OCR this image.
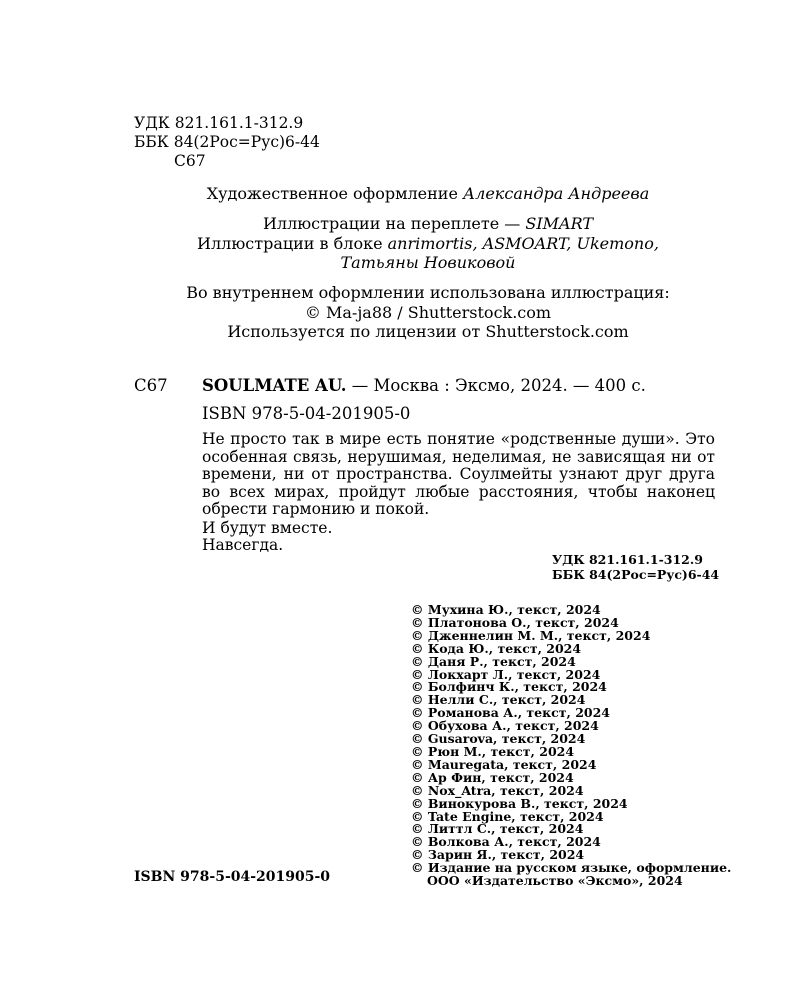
УДК 821.161.1-312.9
ББК 84(2Рос=Рус)6-44
С67
Художественное оформление Александра Андреева
Иллюстрации на переплете — SIMART
Иллюстрации в блоке anrimortis, ASMOART, Ukemono,
Татьяны Новиковой
Во внутреннем оформлении использована иллюстрация:
© Ma-ja88 / Shutterstock.com
Используется по лицензии от Shutterstock.com
С67 SOULMATE AU. — Москва : Эксмо, 2024. — 400 с.
ISBN 978-5-04-201905-0

Не просто так в мире есть понятие «родственные души». Это особенная связь, нерушимая, неделимая, не зависящая ни от времени, ни от пространства. Соулмейты узнают друг друга во всех мирах, пройдут любые расстояния, чтобы наконец обрести гармонию и покой.

И будут вместе.

Навсегда.

УДК 821.161.1-312.9
ББК 84(2Рос=Рус)6-44
© Мухина Ю., текст, 2024
© Платонова О., текст, 2024
© Дженнелин М. М., текст, 2024
© Кода Ю., текст, 2024
© Даня Р., текст, 2024
© Локхарт Л., текст, 2024
© Болфинч К., текст, 2024
© Нелли С., текст, 2024
© Романова А., текст, 2024
© Обухова А., текст, 2024
© Gusarova, текст, 2024
© Рюн М., текст, 2024
© Mauregata, текст, 2024
© Ар Фин, текст, 2024
© Nox_Atra, текст, 2024
© Винокурова В., текст, 2024
© Tate Engine, текст, 2024
© Литтл С., текст, 2024
© Волкова А., текст, 2024
© Зарин Я., текст, 2024
© Издание на русском языке, оформление.
ООО «Издательство «Эксмо», 2024
ISBN 978-5-04-201905-0
